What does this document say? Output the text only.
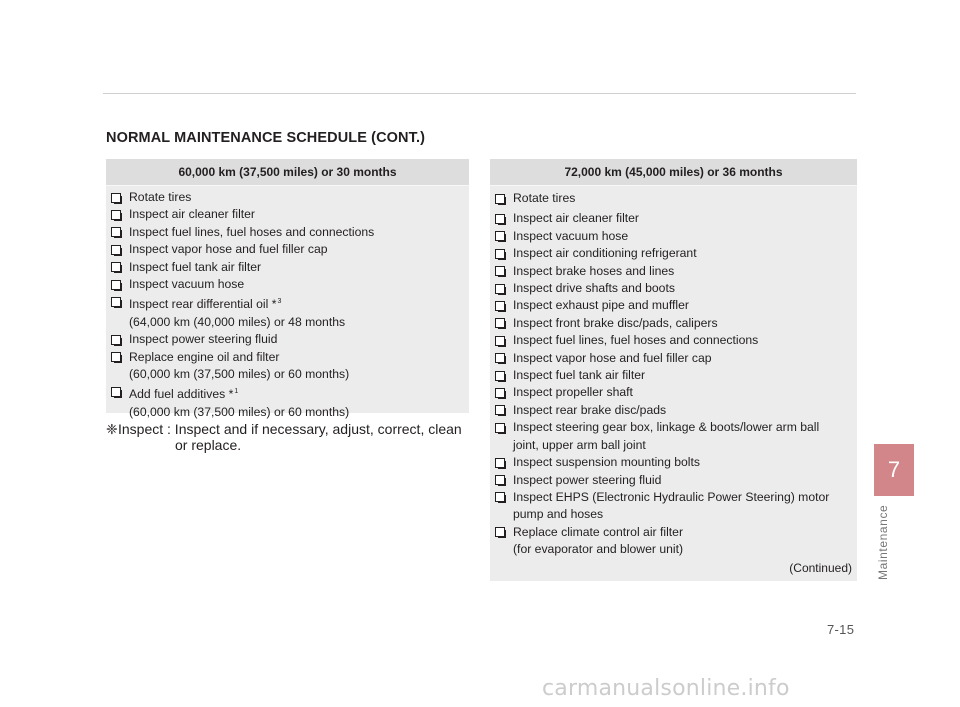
NORMAL MAINTENANCE SCHEDULE (CONT.)
60,000 km (37,500 miles) or 30 months
Rotate tires
Inspect air cleaner filter
Inspect fuel lines, fuel hoses and connections
Inspect vapor hose and fuel filler cap
Inspect fuel tank air filter
Inspect vacuum hose
Inspect rear differential oil *$^3$
(64,000 km (40,000 miles) or 48 months
Inspect power steering fluid
Replace engine oil and filter
(60,000 km (37,500 miles) or 60 months)
Add fuel additives *$^1$
(60,000 km (37,500 miles) or 60 months)
❈Inspect : Inspect and if necessary, adjust, correct, clean
or replace.
72,000 km (45,000 miles) or 36 months
Rotate tires
Inspect air cleaner filter
Inspect vacuum hose
Inspect air conditioning refrigerant
Inspect brake hoses and lines
Inspect drive shafts and boots
Inspect exhaust pipe and muffler
Inspect front brake disc/pads, calipers
Inspect fuel lines, fuel hoses and connections
Inspect vapor hose and fuel filler cap
Inspect fuel tank air filter
Inspect propeller shaft
Inspect rear brake disc/pads
Inspect steering gear box, linkage & boots/lower arm ball
joint, upper arm ball joint
Inspect suspension mounting bolts
Inspect power steering fluid
Inspect EHPS (Electronic Hydraulic Power Steering) motor
pump and hoses
Replace climate control air filter
(for evaporator and blower unit)
(Continued)
7
Maintenance
7-15
carmanualsonline.info
